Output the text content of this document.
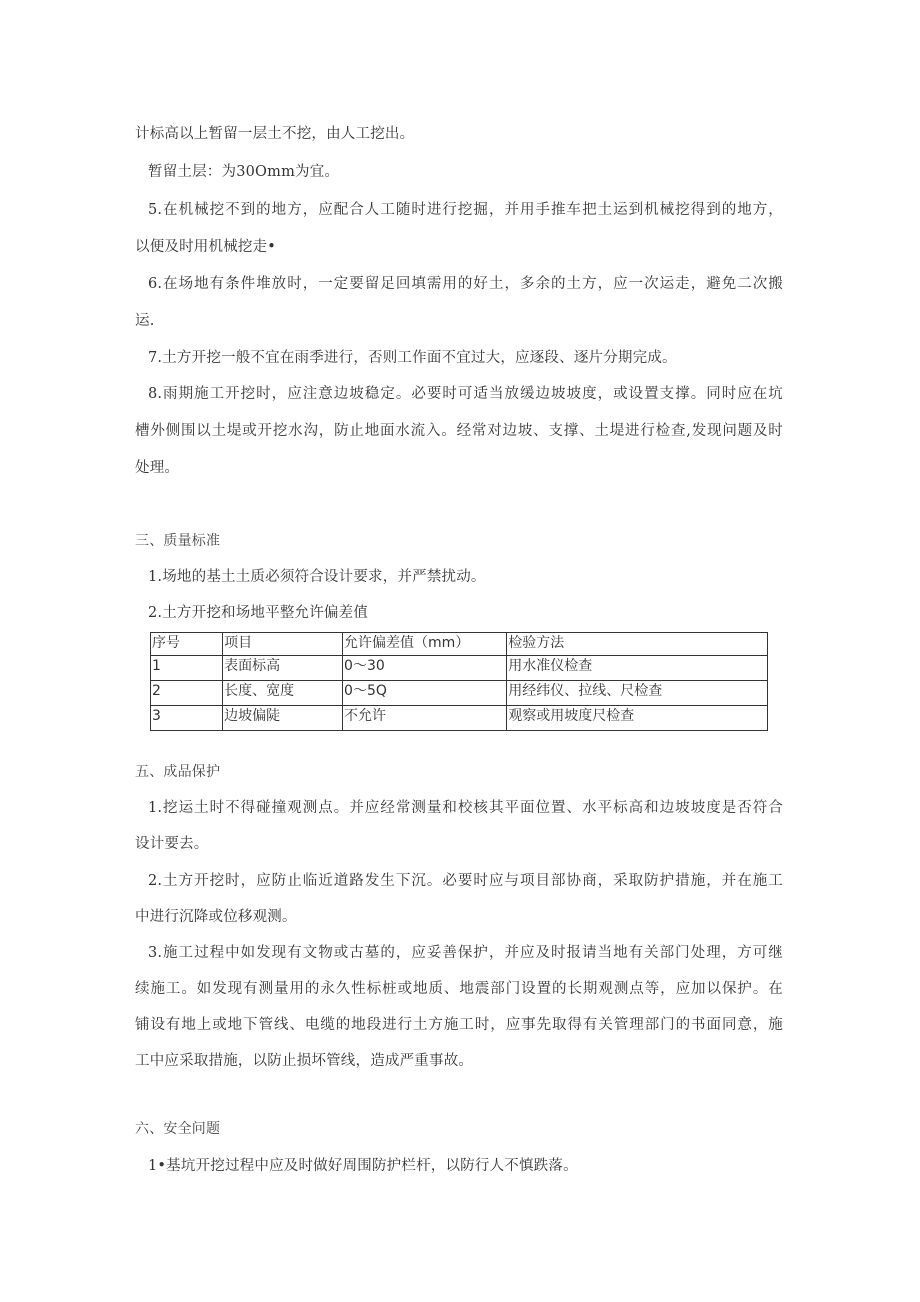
计标高以上暂留一层土不挖，由人工挖出。
暂留土层：为30Omm为宜。
5.在机械挖不到的地方，应配合人工随时进行挖掘，并用手推车把土运到机械挖得到的地方，
以便及时用机械挖走•
6.在场地有条件堆放时，一定要留足回填需用的好土，多余的土方，应一次运走，避免二次搬
运.
7.土方开挖一般不宜在雨季进行，否则工作面不宜过大，应逐段、逐片分期完成。
8.雨期施工开挖时，应注意边坡稳定。必要时可适当放缓边坡坡度，或设置支撑。同时应在坑
槽外侧围以土堤或开挖水沟，防止地面水流入。经常对边坡、支撑、土堤进行检查,发现问题及时
处理。
三、质量标准
1.场地的基土土质必须符合设计要求，并严禁扰动。
2.土方开挖和场地平整允许偏差值
序号	项目	允许偏差值（mm）	检验方法
1	表面标高	0〜30	用水准仪检查
2	长度、宽度	0〜5Q	用经纬仪、拉线、尺检查
3	边坡偏陡	不允许	观察或用坡度尺检查
五、成品保护
1.挖运土时不得碰撞观测点。并应经常测量和校核其平面位置、水平标高和边坡坡度是否符合
设计要去。
2.土方开挖时，应防止临近道路发生下沉。必要时应与项目部协商，采取防护措施，并在施工
中进行沉降或位移观测。
3.施工过程中如发现有文物或古墓的，应妥善保护，并应及时报请当地有关部门处理，方可继
续施工。如发现有测量用的永久性标桩或地质、地震部门设置的长期观测点等，应加以保护。在
铺设有地上或地下管线、电缆的地段进行土方施工时，应事先取得有关管理部门的书面同意，施
工中应采取措施，以防止损坏管线，造成严重事故。
六、安全问题
1•基坑开挖过程中应及时做好周围防护栏杆，以防行人不慎跌落。
